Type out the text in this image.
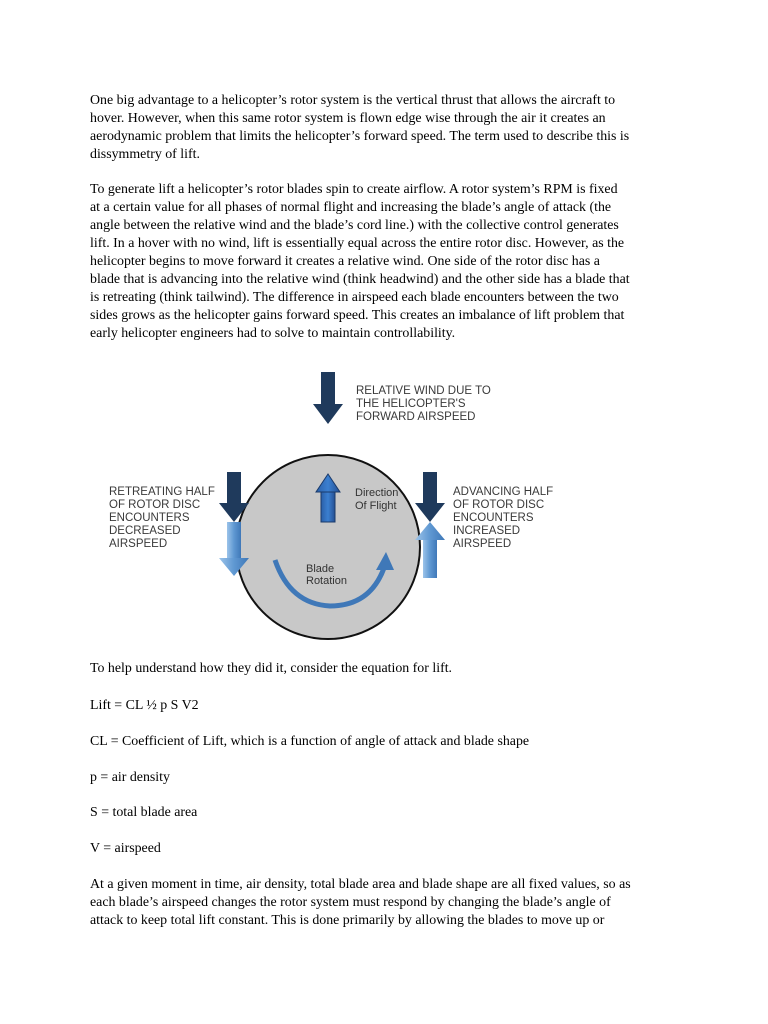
One big advantage to a helicopter’s rotor system is the vertical thrust that allows the aircraft to
hover. However, when this same rotor system is flown edge wise through the air it creates an
aerodynamic problem that limits the helicopter’s forward speed. The term used to describe this is
dissymmetry of lift.

To generate lift a helicopter’s rotor blades spin to create airflow. A rotor system’s RPM is fixed
at a certain value for all phases of normal flight and increasing the blade’s angle of attack (the
angle between the relative wind and the blade’s cord line.) with the collective control generates
lift. In a hover with no wind, lift is essentially equal across the entire rotor disc. However, as the
helicopter begins to move forward it creates a relative wind. One side of the rotor disc has a
blade that is advancing into the relative wind (think headwind) and the other side has a blade that
is retreating (think tailwind). The difference in airspeed each blade encounters between the two
sides grows as the helicopter gains forward speed. This creates an imbalance of lift problem that
early helicopter engineers had to solve to maintain controllability.

RELATIVE WIND DUE TO THE HELICOPTER'S FORWARD AIRSPEED
RETREATING HALF OF ROTOR DISC ENCOUNTERS DECREASED AIRSPEED
ADVANCING HALF OF ROTOR DISC ENCOUNTERS INCREASED AIRSPEED
Direction Of Flight
Blade Rotation

To help understand how they did it, consider the equation for lift.

Lift = CL ½ p S V2

CL = Coefficient of Lift, which is a function of angle of attack and blade shape

p = air density

S = total blade area

V = airspeed

At a given moment in time, air density, total blade area and blade shape are all fixed values, so as
each blade’s airspeed changes the rotor system must respond by changing the blade’s angle of
attack to keep total lift constant. This is done primarily by allowing the blades to move up or
